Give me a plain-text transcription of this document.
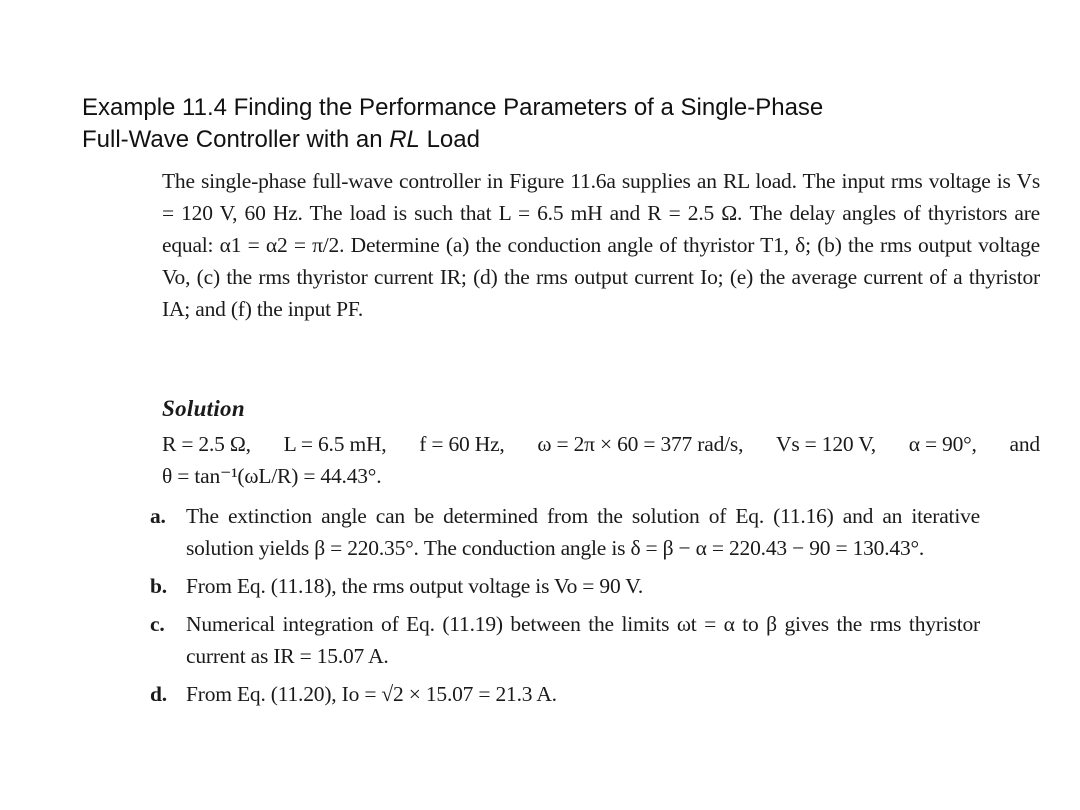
Example 11.4 Finding the Performance Parameters of a Single-Phase
Full-Wave Controller with an RL Load

The single-phase full-wave controller in Figure 11.6a supplies an RL load. The input rms voltage is Vs = 120 V, 60 Hz. The load is such that L = 6.5 mH and R = 2.5 Ω. The delay angles of thyristors are equal: α1 = α2 = π/2. Determine (a) the conduction angle of thyristor T1, δ; (b) the rms output voltage Vo, (c) the rms thyristor current IR; (d) the rms output current Io; (e) the average current of a thyristor IA; and (f) the input PF.

Solution
R = 2.5 Ω, L = 6.5 mH, f = 60 Hz, ω = 2π × 60 = 377 rad/s, Vs = 120 V, α = 90°, and
θ = tan⁻¹(ωL/R) = 44.43°.
a. The extinction angle can be determined from the solution of Eq. (11.16) and an iterative solution yields β = 220.35°. The conduction angle is δ = β − α = 220.43 − 90 = 130.43°.
b. From Eq. (11.18), the rms output voltage is Vo = 90 V.
c. Numerical integration of Eq. (11.19) between the limits ωt = α to β gives the rms thyristor current as IR = 15.07 A.
d. From Eq. (11.20), Io = √2 × 15.07 = 21.3 A.
